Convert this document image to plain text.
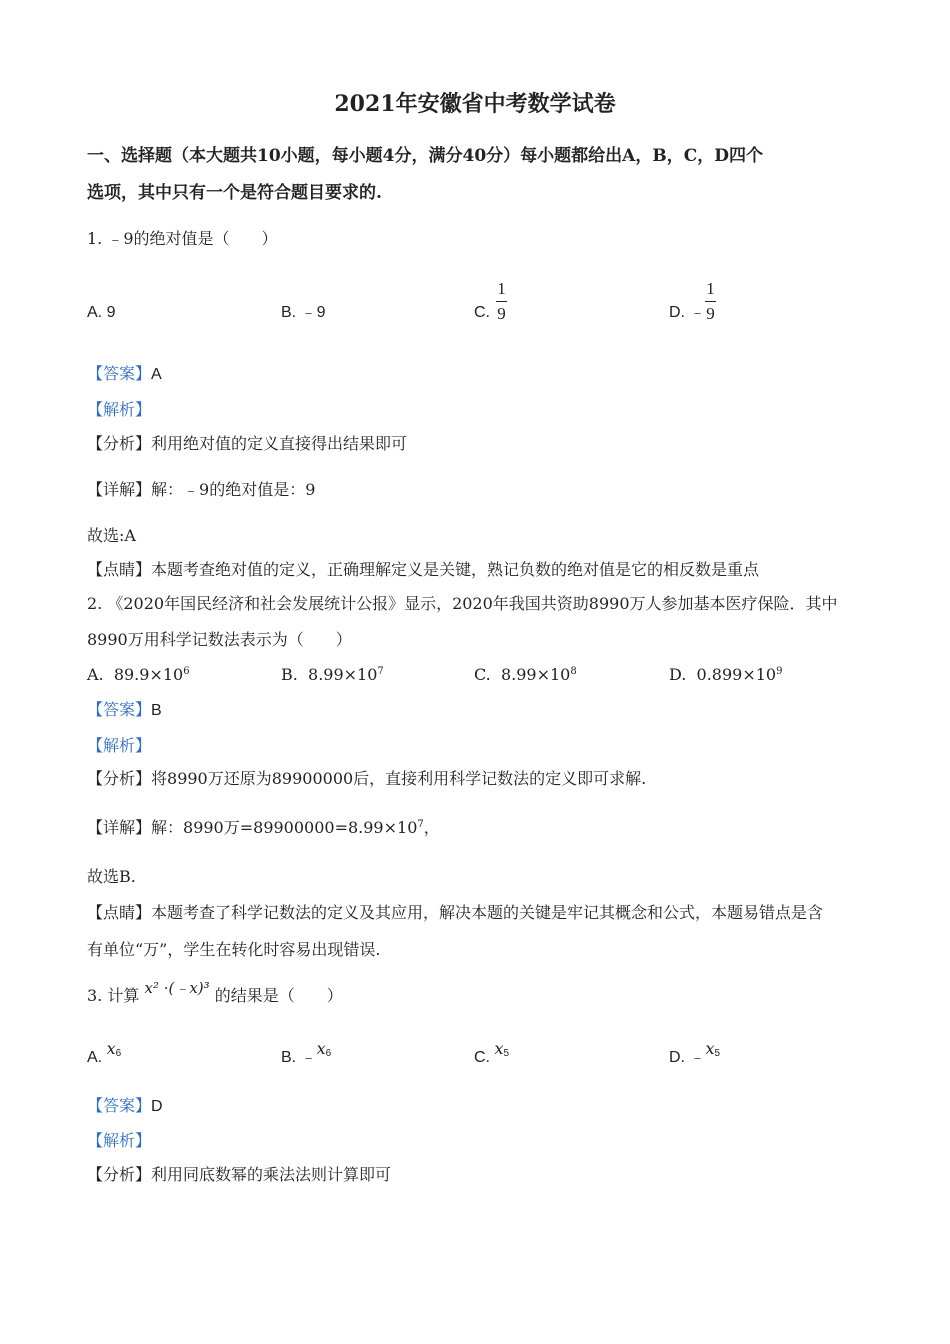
2021年安徽省中考数学试卷
一、选择题（本大题共10小题，每小题4分，满分40分）每小题都给出A，B，C，D四个
选项，其中只有一个是符合题目要求的.
1. ﹣9的绝对值是（　　）
A. 9	B. ﹣9	C.
1
9	D. ﹣
1
9
【答案】A
【解析】
【分析】利用绝对值的定义直接得出结果即可
【详解】解：﹣9的绝对值是：9
故选:A
【点睛】本题考查绝对值的定义，正确理解定义是关键，熟记负数的绝对值是它的相反数是重点
2. 《2020年国民经济和社会发展统计公报》显示，2020年我国共资助8990万人参加基本医疗保险．其中
8990万用科学记数法表示为（　　）
A. $89.9\times 10^6$	B. $8.99\times 10^7$	C. $8.99\times 10^8$	D. $0.899\times 10^9$
【答案】B
【解析】
【分析】将8990万还原为89900000后，直接利用科学记数法的定义即可求解.
【详解】解：8990万$=89900000=8.99\times 10^7$，
故选B.
【点睛】本题考查了科学记数法的定义及其应用，解决本题的关键是牢记其概念和公式，本题易错点是含
有单位“万”，学生在转化时容易出现错误.
3. 计算 x² ·(﹣x)³ 的结果是（　　）
A. $x^6$	B. $﹣x^6$	C. $x^5$	D. $﹣x^5$
【答案】D
【解析】
【分析】利用同底数幂的乘法法则计算即可
